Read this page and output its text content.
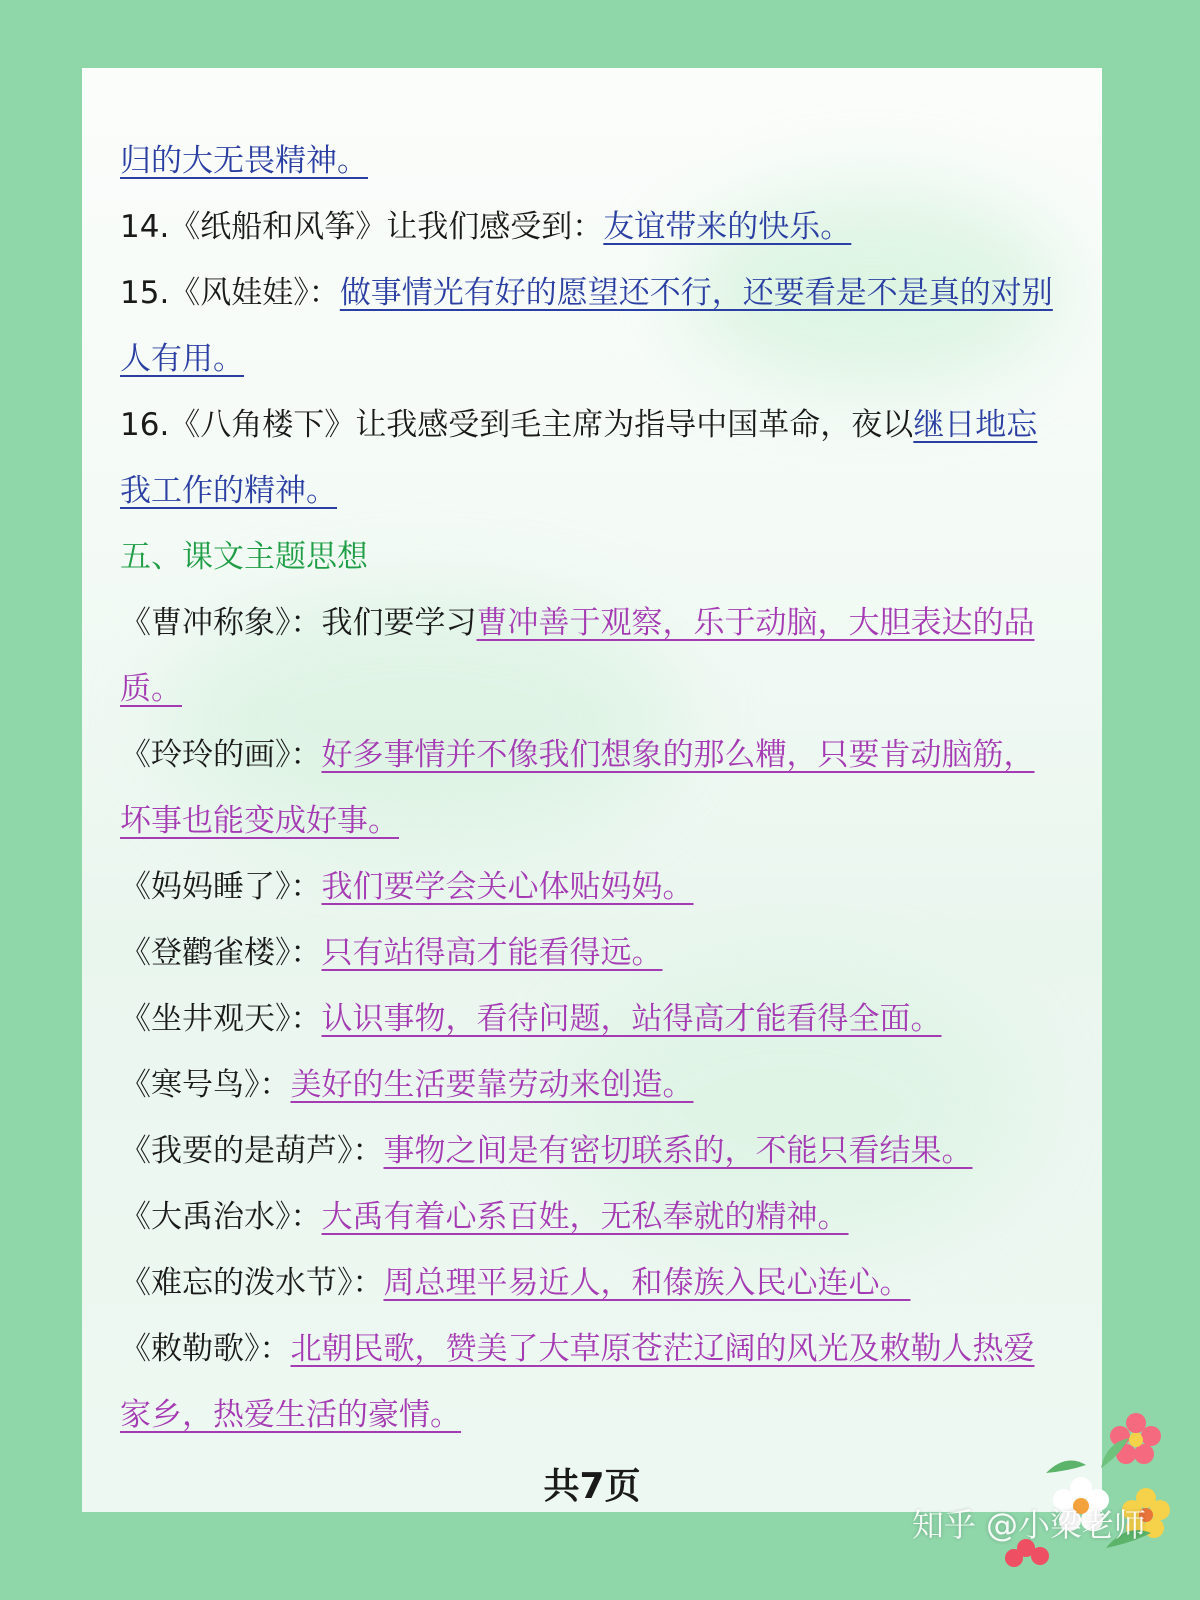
归的大无畏精神。

14.《纸船和风筝》让我们感受到：友谊带来的快乐。

15.《风娃娃》：做事情光有好的愿望还不行，还要看是不是真的对别人有用。

16.《八角楼下》让我感受到毛主席为指导中国革命，夜以继日地忘我工作的精神。

五、课文主题思想

《曹冲称象》：我们要学习曹冲善于观察，乐于动脑，大胆表达的品质。

《玲玲的画》：好多事情并不像我们想象的那么糟，只要肯动脑筋，坏事也能变成好事。

《妈妈睡了》：我们要学会关心体贴妈妈。

《登鹳雀楼》：只有站得高才能看得远。

《坐井观天》：认识事物，看待问题，站得高才能看得全面。

《寒号鸟》：美好的生活要靠劳动来创造。

《我要的是葫芦》：事物之间是有密切联系的，不能只看结果。

《大禹治水》：大禹有着心系百姓，无私奉就的精神。

《难忘的泼水节》：周总理平易近人，和傣族入民心连心。

《敕勒歌》：北朝民歌，赞美了大草原苍茫辽阔的风光及敕勒人热爱家乡，热爱生活的豪情。

共7页
知乎 @小梁老师
